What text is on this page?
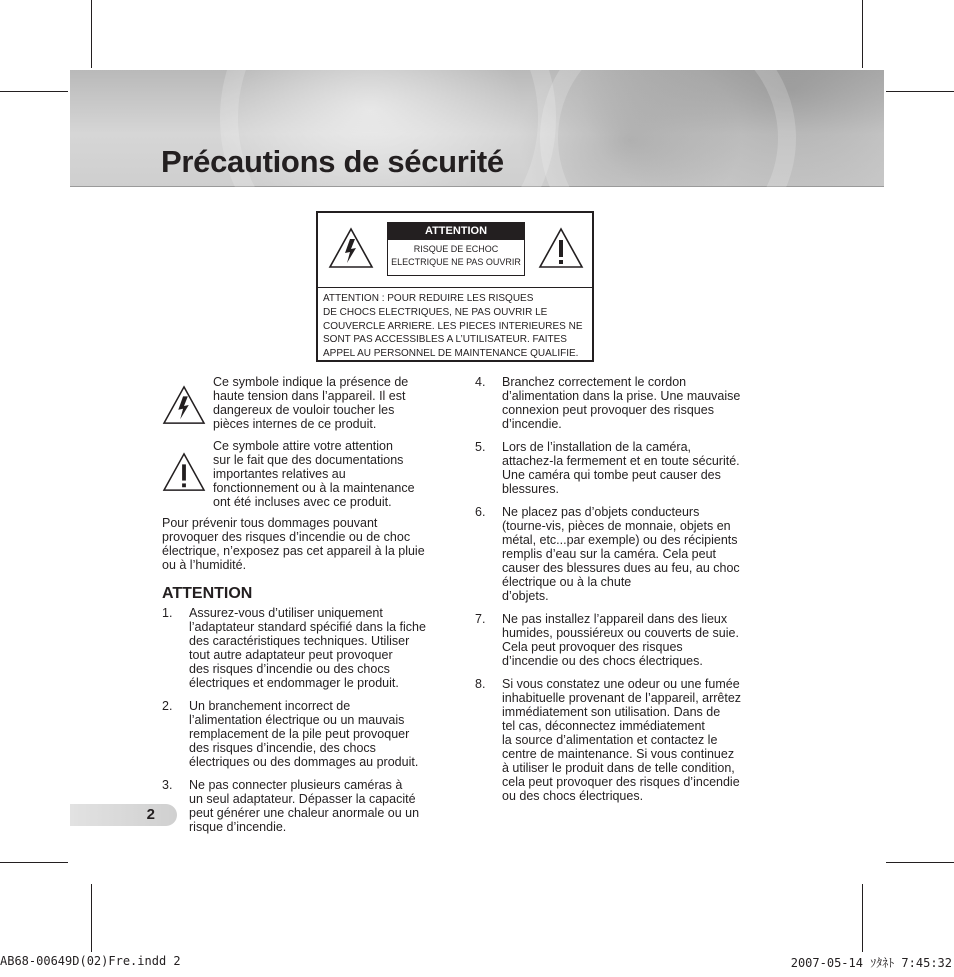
Précautions de sécurité
ATTENTION
RISQUE DE ECHOC
ELECTRIQUE NE PAS OUVRIR

ATTENTION : POUR REDUIRE LES RISQUES
DE CHOCS ELECTRIQUES, NE PAS OUVRIR LE
COUVERCLE ARRIERE. LES PIECES INTERIEURES NE
SONT PAS ACCESSIBLES A L’UTILISATEUR. FAITES
APPEL AU PERSONNEL DE MAINTENANCE QUALIFIE.

Ce symbole indique la présence de
haute tension dans l’appareil. Il est
dangereux de vouloir toucher les
pièces internes de ce produit.

Ce symbole attire votre attention
sur le fait que des documentations
importantes relatives au
fonctionnement ou à la maintenance
ont été incluses avec ce produit.

Pour prévenir tous dommages pouvant
provoquer des risques d’incendie ou de choc
électrique, n’exposez pas cet appareil à la pluie
ou à l’humidité.

ATTENTION
1. Assurez-vous d’utiliser uniquement
l’adaptateur standard spécifié dans la fiche
des caractéristiques techniques. Utiliser
tout autre adaptateur peut provoquer
des risques d’incendie ou des chocs
électriques et endommager le produit.
2. Un branchement incorrect de
l’alimentation électrique ou un mauvais
remplacement de la pile peut provoquer
des risques d’incendie, des chocs
électriques ou des dommages au produit.
3. Ne pas connecter plusieurs caméras à
un seul adaptateur. Dépasser la capacité
peut générer une chaleur anormale ou un
risque d’incendie.
4. Branchez correctement le cordon
d’alimentation dans la prise. Une mauvaise
connexion peut provoquer des risques
d’incendie.
5. Lors de l’installation de la caméra,
attachez-la fermement et en toute sécurité.
Une caméra qui tombe peut causer des
blessures.
6. Ne placez pas d’objets conducteurs
(tourne-vis, pièces de monnaie, objets en
métal, etc...par exemple) ou des récipients
remplis d’eau sur la caméra. Cela peut
causer des blessures dues au feu, au choc
électrique ou à la chute
d’objets.
7. Ne pas installez l’appareil dans des lieux
humides, poussiéreux ou couverts de suie.
Cela peut provoquer des risques
d’incendie ou des chocs électriques.
8. Si vous constatez une odeur ou une fumée
inhabituelle provenant de l’appareil, arrêtez
immédiatement son utilisation. Dans de
tel cas, déconnectez immédiatement
la source d’alimentation et contactez le
centre de maintenance. Si vous continuez
à utiliser le produit dans de telle condition,
cela peut provoquer des risques d’incendie
ou des chocs électriques.
2

AB68-00649D(02)Fre.indd 2	2007-05-14 ｿﾀﾈﾄ 7:45:32
